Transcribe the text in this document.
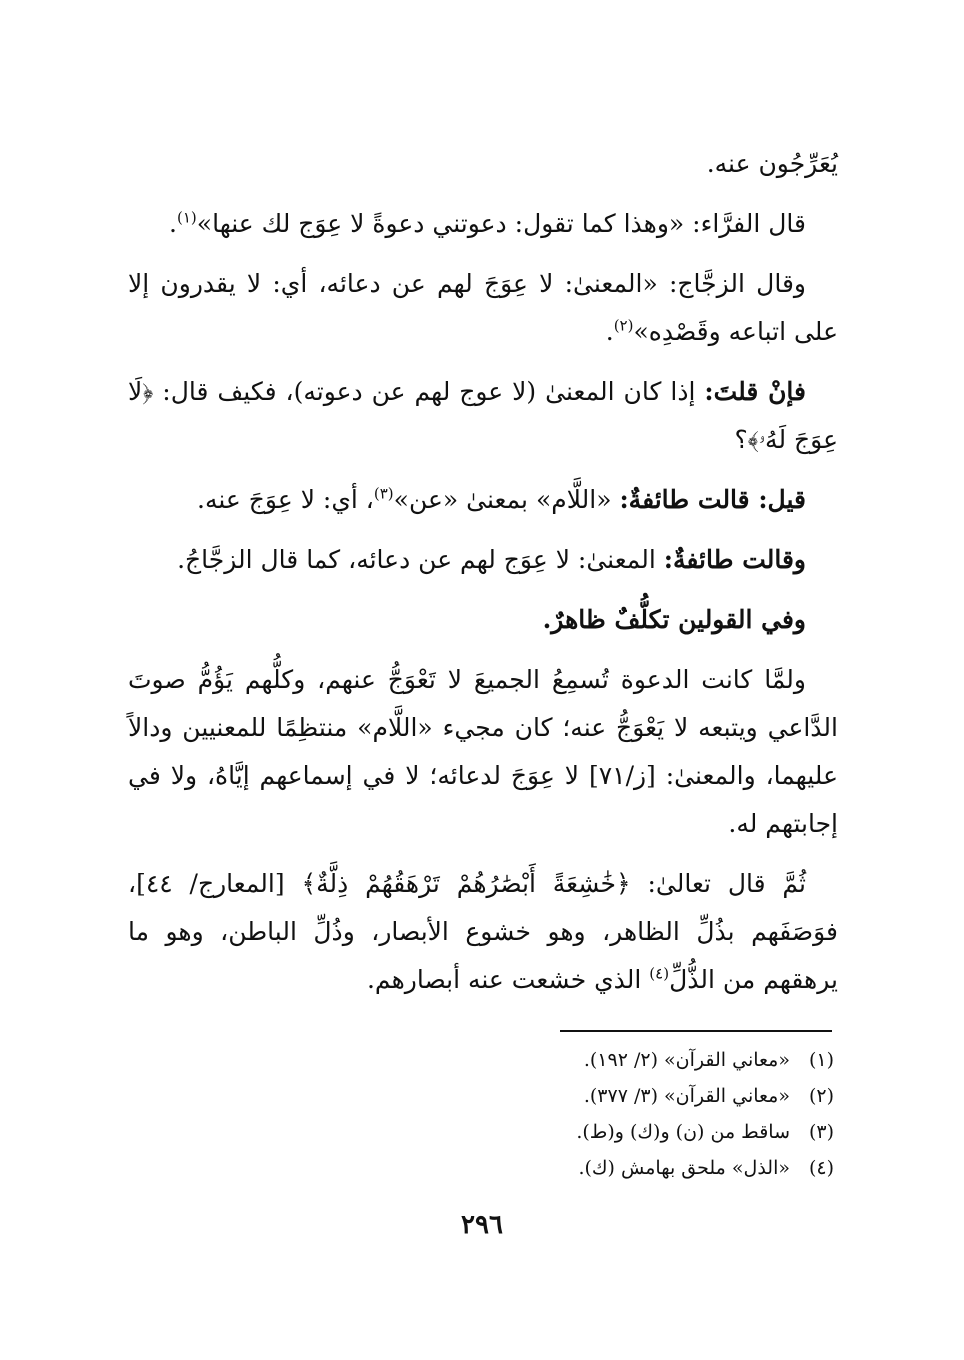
يُعَرِّجُون عنه.

قال الفرَّاء: «وهذا كما تقول: دعوتني دعوةً لا عِوَج لك عنها»$^{(١)}$.

وقال الزجَّاج: «المعنىٰ: لا عِوَجَ لهم عن دعائه، أي: لا يقدرون إلا على اتباعه وقَصْدِه»$^{(٢)}$.

فإنْ قلتَ: إذا كان المعنىٰ (لا عوج لهم عن دعوته)، فكيف قال: ﴿لَا عِوَجَ لَهُۥ﴾؟

قيل: قالت طائفةٌ: «اللَّام» بمعنىٰ «عن»$^{(٣)}$، أي: لا عِوَجَ عنه.

وقالت طائفةٌ: المعنىٰ: لا عِوَج لهم عن دعائه، كما قال الزجَّاجُ.

وفي القولين تكلُّفٌ ظاهرٌ.

ولمَّا كانت الدعوة تُسمِعُ الجميعَ لا تَعْوَجُّ عنهم، وكلُّهم يَؤُمُّ صوتَ الدَّاعي ويتبعه لا يَعْوَجُّ عنه؛ كان مجيء «اللَّام» منتظِمًا للمعنيين ودالاً عليهما، والمعنىٰ: [ز/٧١] لا عِوَجَ لدعائه؛ لا في إسماعهم إيَّاهُ، ولا في إجابتهم له.

ثُمَّ قال تعالىٰ: ﴿خَٰشِعَةً أَبْصَٰرُهُمْ تَرْهَقُهُمْ ذِلَّةٌ﴾ [المعارج/ ٤٤]، فوَصَفَهم بذُلِّ الظاهر، وهو خشوع الأبصار، وذُلِّ الباطن، وهو ما يرهقهم من الذُّلِّ$^{(٤)}$ الذي خشعت عنه أبصارهم.

(١)«معاني القرآن» (٢/ ١٩٢).

(٢)«معاني القرآن» (٣/ ٣٧٧).

(٣)ساقط من (ن) و(ك) و(ط).

(٤)«الذل» ملحق بهامش (ك).

٢٩٦
